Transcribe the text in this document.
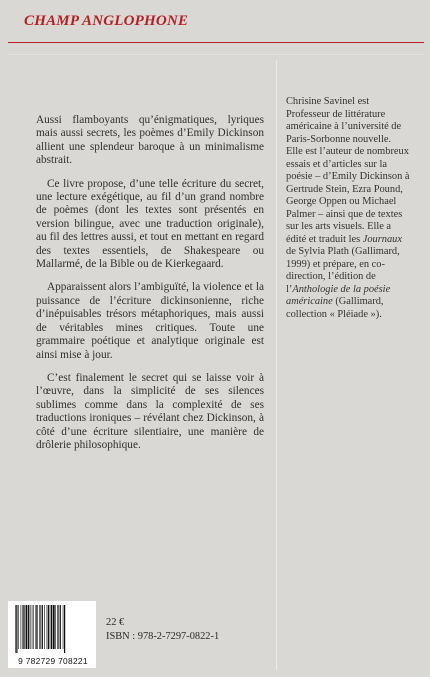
CHAMP ANGLOPHONE

Aussi flamboyants qu’énigmatiques, lyriques mais aussi secrets, les poèmes d’Emily Dickinson allient une splendeur baroque à un minimalisme abstrait.

Ce livre propose, d’une telle écriture du secret, une lecture exégétique, au fil d’un grand nombre de poèmes (dont les textes sont présentés en version bilingue, avec une traduction originale), au fil des lettres aussi, et tout en mettant en regard des textes essentiels, de Shakespeare ou Mallarmé, de la Bible ou de Kierkegaard.

Apparaissent alors l’ambiguïté, la violence et la puissance de l’écriture dickinsonienne, riche d’inépuisables trésors métaphoriques, mais aussi de véritables mines critiques. Toute une grammaire poétique et analytique originale est ainsi mise à jour.

C’est finalement le secret qui se laisse voir à l’œuvre, dans la simplicité de ses silences sublimes comme dans la complexité de ses traductions ironiques – révélant chez Dickinson, à côté d’une écriture silentiaire, une manière de drôlerie philosophique.

Chrisine Savinel est Professeur de littérature américaine à l’université de Paris-Sorbonne nouvelle. Elle est l’auteur de nombreux essais et d’articles sur la poésie – d’Emily Dickinson à Gertrude Stein, Ezra Pound, George Oppen ou Michael Palmer – ainsi que de textes sur les arts visuels. Elle a édité et traduit les Journaux de Sylvia Plath (Gallimard, 1999) et prépare, en co-direction, l’édition de l’Anthologie de la poésie américaine (Gallimard, collection « Pléiade »).
9 782729 708221
22 €
ISBN : 978-2-7297-0822-1
